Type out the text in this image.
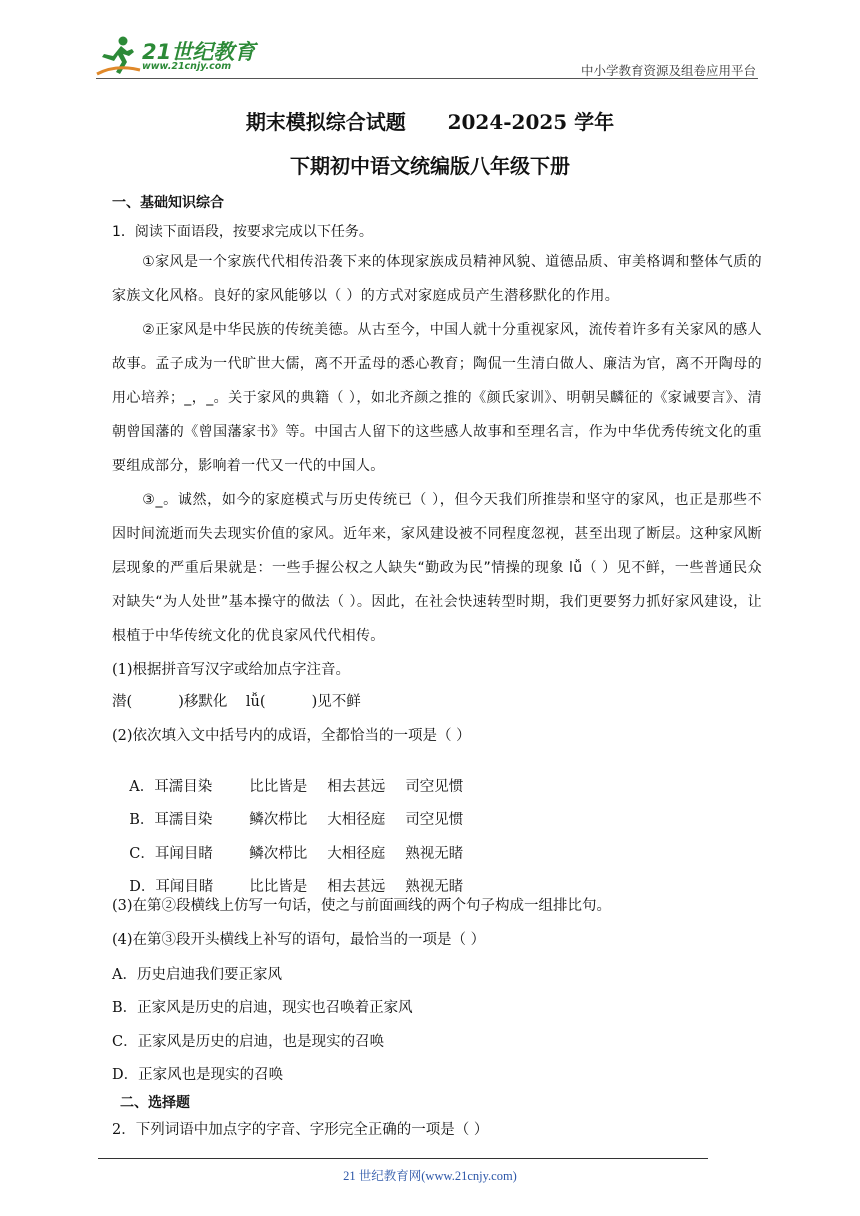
21世纪教育
www.21cnjy.com	中小学教育资源及组卷应用平台
期末模拟综合试题      2024-2025 学年
下期初中语文统编版八年级下册
一、基础知识综合
1．阅读下面语段，按要求完成以下任务。
①家风是一个家族代代相传沿袭下来的体现家族成员精神风貌、道德品质、审美格调和整体气质的家族文化风格。良好的家风能够以（ ）的方式对家庭成员产生潜移默化的作用。
②正家风是中华民族的传统美德。从古至今，中国人就十分重视家风，流传着许多有关家风的感人故事。孟子成为一代旷世大儒，离不开孟母的悉心教育；陶侃一生清白做人、廉洁为官，离不开陶母的用心培养；_，_。关于家风的典籍（ ），如北齐颜之推的《颜氏家训》、明朝吴麟征的《家诫要言》、清朝曾国藩的《曾国藩家书》等。中国古人留下的这些感人故事和至理名言，作为中华优秀传统文化的重要组成部分，影响着一代又一代的中国人。
③_。诚然，如今的家庭模式与历史传统已（ ），但今天我们所推崇和坚守的家风，也正是那些不因时间流逝而失去现实价值的家风。近年来，家风建设被不同程度忽视，甚至出现了断层。这种家风断层现象的严重后果就是：一些手握公权之人缺失“勤政为民”情操的现象 lǚ（ ）见不鲜，一些普通民众对缺失“为人处世”基本操守的做法（ ）。因此，在社会快速转型时期，我们更要努力抓好家风建设，让根植于中华传统文化的优良家风代代相传。
(1)根据拼音写汉字或给加点字注音。
潜(          )移默化    lǚ(          )见不鲜
(2)依次填入文中括号内的成语，全都恰当的一项是（ ）

A．耳濡目染	比比皆是 相去甚远 司空见惯

B．耳濡目染	鳞次栉比 大相径庭 司空见惯

C．耳闻目睹	鳞次栉比 大相径庭 熟视无睹

D．耳闻目睹 比比皆是 相去甚远 熟视无睹

(3)在第②段横线上仿写一句话，使之与前面画线的两个句子构成一组排比句。
(4)在第③段开头横线上补写的语句，最恰当的一项是（ ）
A．历史启迪我们要正家风
B．正家风是历史的启迪，现实也召唤着正家风
C．正家风是历史的启迪，也是现实的召唤
D．正家风也是现实的召唤
二、选择题
2．下列词语中加点字的字音、字形完全正确的一项是（ ）
21 世纪教育网(www.21cnjy.com)
